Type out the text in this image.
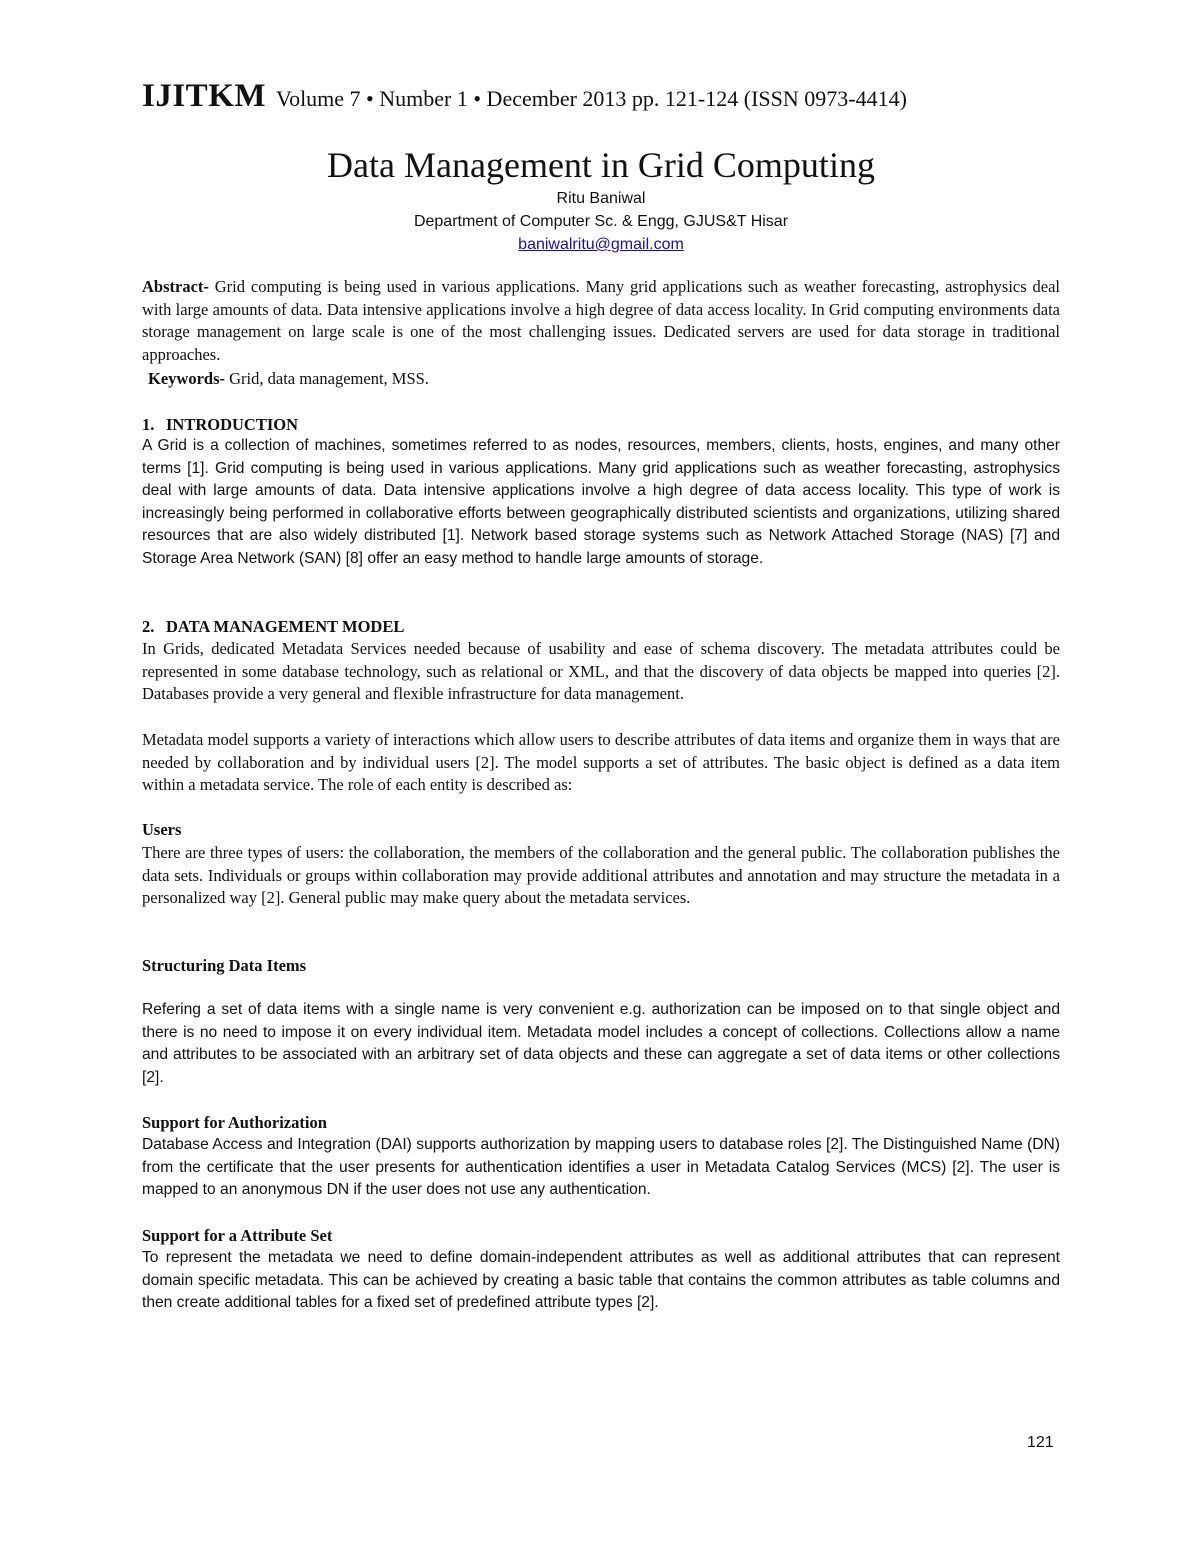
IJITKM Volume 7 • Number 1 • December 2013 pp. 121-124 (ISSN 0973-4414)
Data Management in Grid Computing
Ritu Baniwal
Department of Computer Sc. & Engg, GJUS&T Hisar
baniwalritu@gmail.com
Abstract- Grid computing is being used in various applications. Many grid applications such as weather forecasting, astrophysics deal with large amounts of data. Data intensive applications involve a high degree of data access locality. In Grid computing environments data storage management on large scale is one of the most challenging issues. Dedicated servers are used for data storage in traditional approaches.
Keywords- Grid, data management, MSS.
1. INTRODUCTION
A Grid is a collection of machines, sometimes referred to as nodes, resources, members, clients, hosts, engines, and many other terms [1]. Grid computing is being used in various applications. Many grid applications such as weather forecasting, astrophysics deal with large amounts of data. Data intensive applications involve a high degree of data access locality. This type of work is increasingly being performed in collaborative efforts between geographically distributed scientists and organizations, utilizing shared resources that are also widely distributed [1]. Network based storage systems such as Network Attached Storage (NAS) [7] and Storage Area Network (SAN) [8] offer an easy method to handle large amounts of storage.
2. DATA MANAGEMENT MODEL
In Grids, dedicated Metadata Services needed because of usability and ease of schema discovery. The metadata attributes could be represented in some database technology, such as relational or XML, and that the discovery of data objects be mapped into queries [2]. Databases provide a very general and flexible infrastructure for data management.
Metadata model supports a variety of interactions which allow users to describe attributes of data items and organize them in ways that are needed by collaboration and by individual users [2]. The model supports a set of attributes. The basic object is defined as a data item within a metadata service. The role of each entity is described as:
Users
There are three types of users: the collaboration, the members of the collaboration and the general public. The collaboration publishes the data sets. Individuals or groups within collaboration may provide additional attributes and annotation and may structure the metadata in a personalized way [2]. General public may make query about the metadata services.
Structuring Data Items
Refering a set of data items with a single name is very convenient e.g. authorization can be imposed on to that single object and there is no need to impose it on every individual item. Metadata model includes a concept of collections. Collections allow a name and attributes to be associated with an arbitrary set of data objects and these can aggregate a set of data items or other collections [2].
Support for Authorization
Database Access and Integration (DAI) supports authorization by mapping users to database roles [2]. The Distinguished Name (DN) from the certificate that the user presents for authentication identifies a user in Metadata Catalog Services (MCS) [2]. The user is mapped to an anonymous DN if the user does not use any authentication.
Support for a Attribute Set
To represent the metadata we need to define domain-independent attributes as well as additional attributes that can represent domain specific metadata. This can be achieved by creating a basic table that contains the common attributes as table columns and then create additional tables for a fixed set of predefined attribute types [2].
121
